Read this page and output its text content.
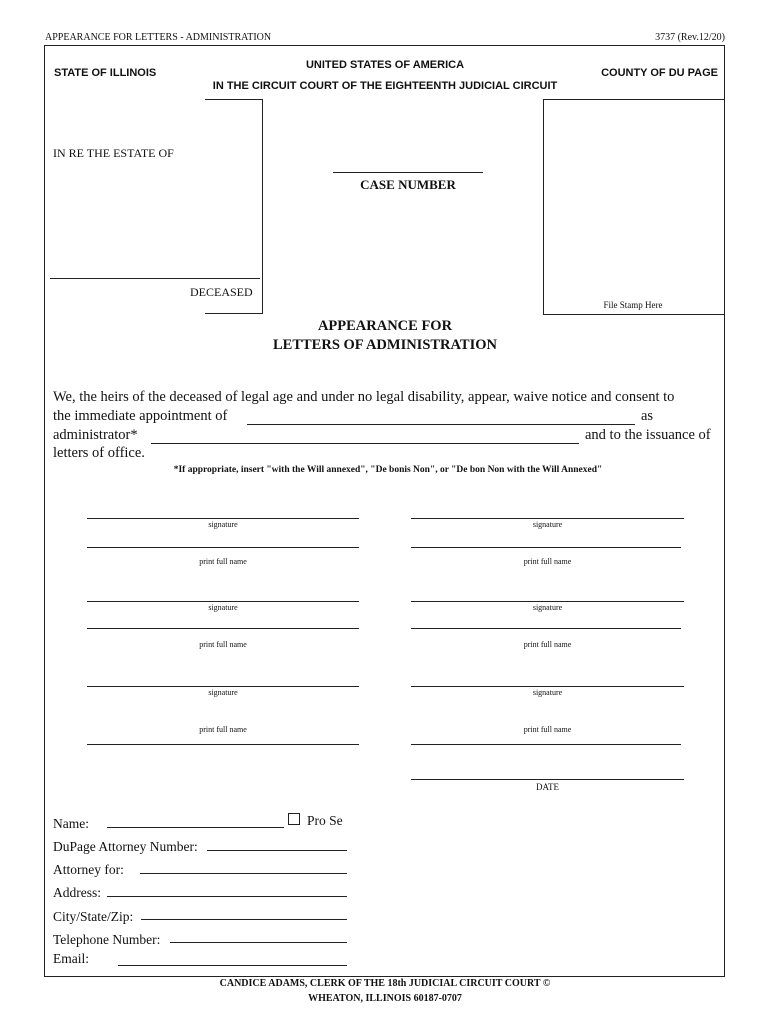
APPEARANCE FOR LETTERS - ADMINISTRATION	3737 (Rev.12/20)
STATE OF ILLINOIS
UNITED STATES OF AMERICA
IN THE CIRCUIT COURT OF THE EIGHTEENTH JUDICIAL CIRCUIT
COUNTY OF DU PAGE
IN RE THE ESTATE OF
DECEASED
CASE NUMBER
File Stamp Here
APPEARANCE FOR
LETTERS OF ADMINISTRATION
We, the heirs of the deceased of legal age and under no legal disability, appear, waive notice and consent to
the immediate appointment of	as
administrator*	and to the issuance of
letters of office.
*If appropriate, insert "with the Will annexed", "De bonis Non", or "De bon Non with the Will Annexed"
signature
print full name
signature
print full name
signature
print full name
signature
print full name
signature
print full name
signature
print full name
DATE
Name:	Pro Se
DuPage Attorney Number:
Attorney for:
Address:
City/State/Zip:
Telephone Number:
Email:
CANDICE ADAMS, CLERK OF THE 18th JUDICIAL CIRCUIT COURT ©
WHEATON, ILLINOIS 60187-0707
